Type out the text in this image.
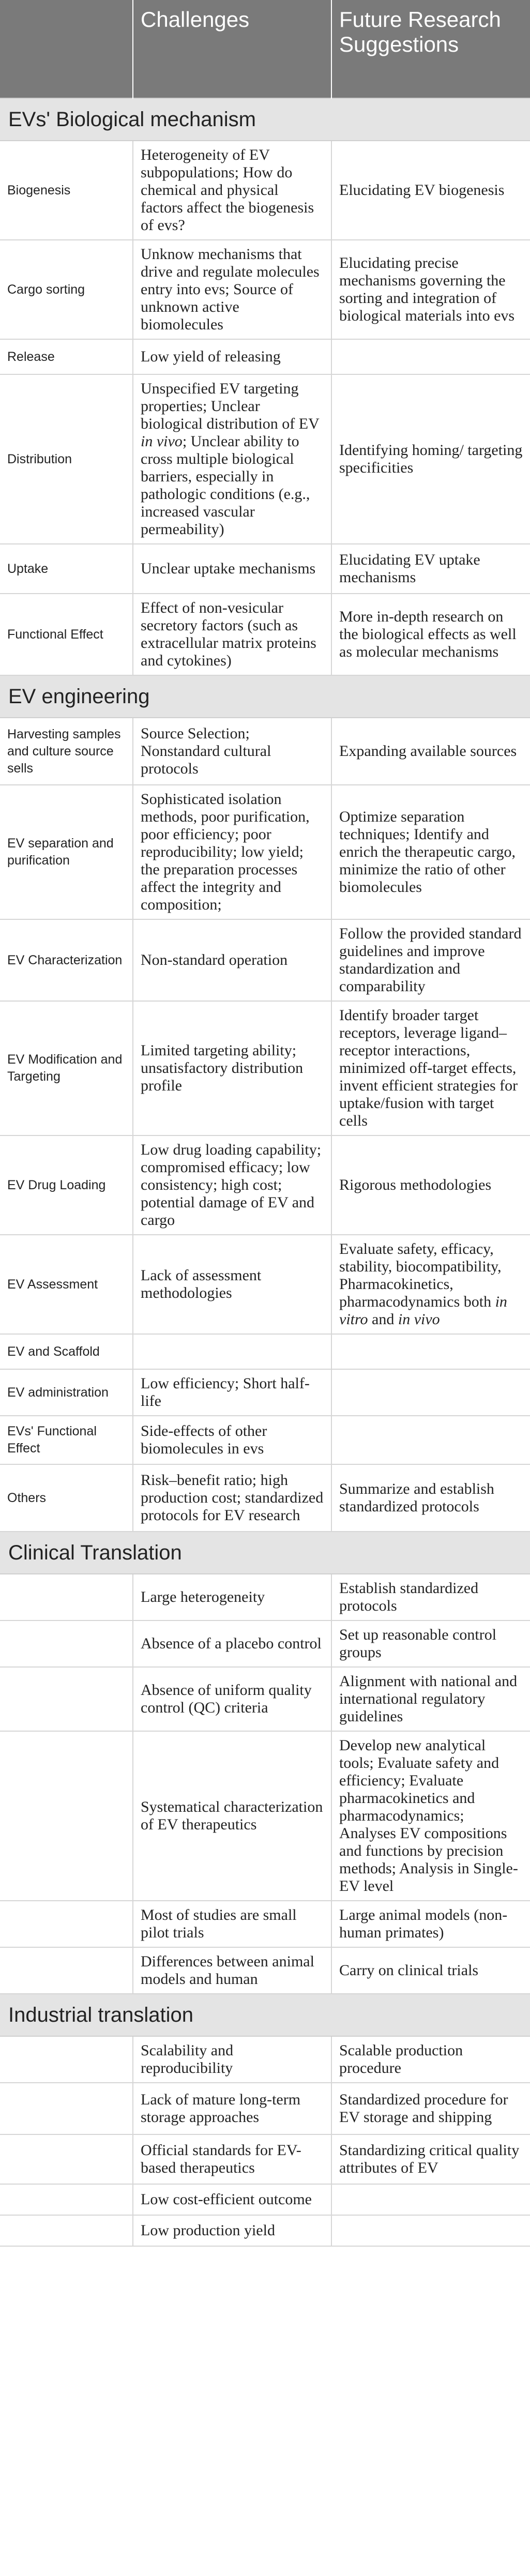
	Challenges	Future Research Suggestions
EVs' Biological mechanism		
Biogenesis	Heterogeneity of EV subpopulations; How do chemical and physical factors affect the biogenesis of evs?	Elucidating EV biogenesis
Cargo sorting	Unknow mechanisms that drive and regulate molecules entry into evs; Source of unknown active biomolecules	Elucidating precise mechanisms governing the sorting and integration of biological materials into evs
Release	Low yield of releasing	
Distribution	Unspecified EV targeting properties; Unclear biological distribution of EV in vivo; Unclear ability to cross multiple biological barriers, especially in pathologic conditions (e.g., increased vascular permeability)	Identifying homing/ targeting specificities
Uptake	Unclear uptake mechanisms	Elucidating EV uptake mechanisms
Functional Effect	Effect of non-vesicular secretory factors (such as extracellular matrix proteins and cytokines)	More in-depth research on the biological effects as well as molecular mechanisms
EV engineering		
Harvesting samples and culture source sells	Source Selection; Nonstandard cultural protocols	Expanding available sources
EV separation and purification	Sophisticated isolation methods, poor purification, poor efficiency; poor reproducibility; low yield; the preparation processes affect the integrity and composition;	Optimize separation techniques; Identify and enrich the therapeutic cargo, minimize the ratio of other biomolecules
EV Characterization	Non-standard operation	Follow the provided standard guidelines and improve standardization and comparability
EV Modification and Targeting	Limited targeting ability; unsatisfactory distribution profile	Identify broader target receptors, leverage ligand–receptor interactions, minimized off-target effects, invent efficient strategies for uptake/fusion with target cells
EV Drug Loading	Low drug loading capability; compromised efficacy; low consistency; high cost; potential damage of EV and cargo	Rigorous methodologies
EV Assessment	Lack of assessment methodologies	Evaluate safety, efficacy, stability, biocompatibility, Pharmacokinetics, pharmacodynamics both in vitro and in vivo
EV and Scaffold		
EV administration	Low efficiency; Short half-life	
EVs' Functional Effect	Side-effects of other biomolecules in evs	
Others	Risk–benefit ratio; high production cost; standardized protocols for EV research	Summarize and establish standardized protocols
Clinical Translation		
	Large heterogeneity	Establish standardized protocols
	Absence of a placebo control	Set up reasonable control groups
	Absence of uniform quality control (QC) criteria	Alignment with national and international regulatory guidelines
	Systematical characterization of EV therapeutics	Develop new analytical tools; Evaluate safety and efficiency; Evaluate pharmacokinetics and pharmacodynamics; Analyses EV compositions and functions by precision methods; Analysis in Single-EV level
	Most of studies are small pilot trials	Large animal models (non-human primates)
	Differences between animal models and human	Carry on clinical trials
Industrial translation		
	Scalability and reproducibility	Scalable production procedure
	Lack of mature long-term storage approaches	Standardized procedure for EV storage and shipping
	Official standards for EV-based therapeutics	Standardizing critical quality attributes of EV
	Low cost-efficient outcome	
	Low production yield	
